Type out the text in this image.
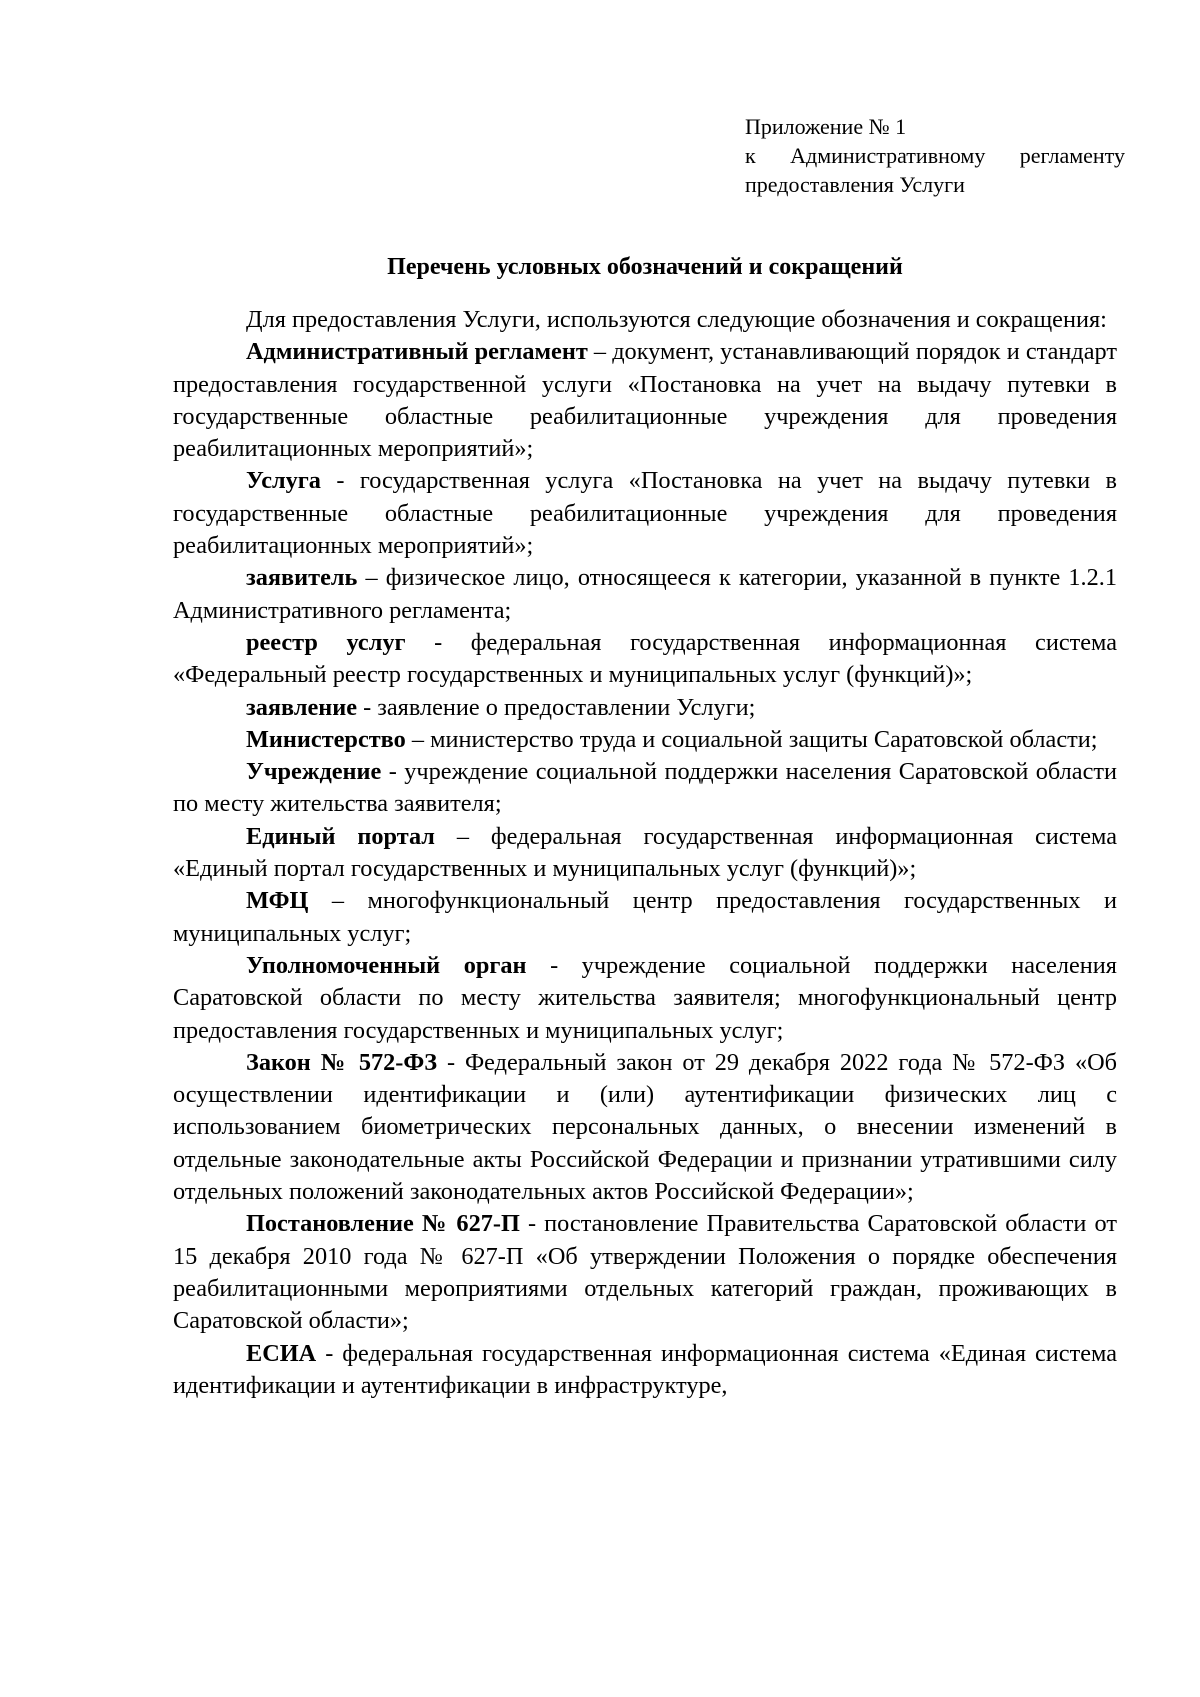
Приложение № 1
к Административному регламенту
предоставления Услуги
Перечень условных обозначений и сокращений

Для предоставления Услуги, используются следующие обозначения и сокращения:

Административный регламент – документ, устанавливающий порядок и стандарт предоставления государственной услуги «Постановка на учет на выдачу путевки в государственные областные реабилитационные учреждения для проведения реабилитационных мероприятий»;

Услуга - государственная услуга «Постановка на учет на выдачу путевки в государственные областные реабилитационные учреждения для проведения реабилитационных мероприятий»;

заявитель – физическое лицо, относящееся к категории, указанной в пункте 1.2.1 Административного регламента;

реестр услуг - федеральная государственная информационная система «Федеральный реестр государственных и муниципальных услуг (функций)»;

заявление - заявление о предоставлении Услуги;

Министерство – министерство труда и социальной защиты Саратовской области;

Учреждение - учреждение социальной поддержки населения Саратовской области по месту жительства заявителя;

Единый портал – федеральная государственная информационная система «Единый портал государственных и муниципальных услуг (функций)»;

МФЦ – многофункциональный центр предоставления государственных и муниципальных услуг;

Уполномоченный орган - учреждение социальной поддержки населения Саратовской области по месту жительства заявителя; многофункциональный центр предоставления государственных и муниципальных услуг;

Закон № 572-ФЗ - Федеральный закон от 29 декабря 2022 года № 572-ФЗ «Об осуществлении идентификации и (или) аутентификации физических лиц с использованием биометрических персональных данных, о внесении изменений в отдельные законодательные акты Российской Федерации и признании утратившими силу отдельных положений законодательных актов Российской Федерации»;

Постановление № 627-П - постановление Правительства Саратовской области от 15 декабря 2010 года № 627-П «Об утверждении Положения о порядке обеспечения реабилитационными мероприятиями отдельных категорий граждан, проживающих в Саратовской области»;

ЕСИА - федеральная государственная информационная система «Единая система идентификации и аутентификации в инфраструктуре,
